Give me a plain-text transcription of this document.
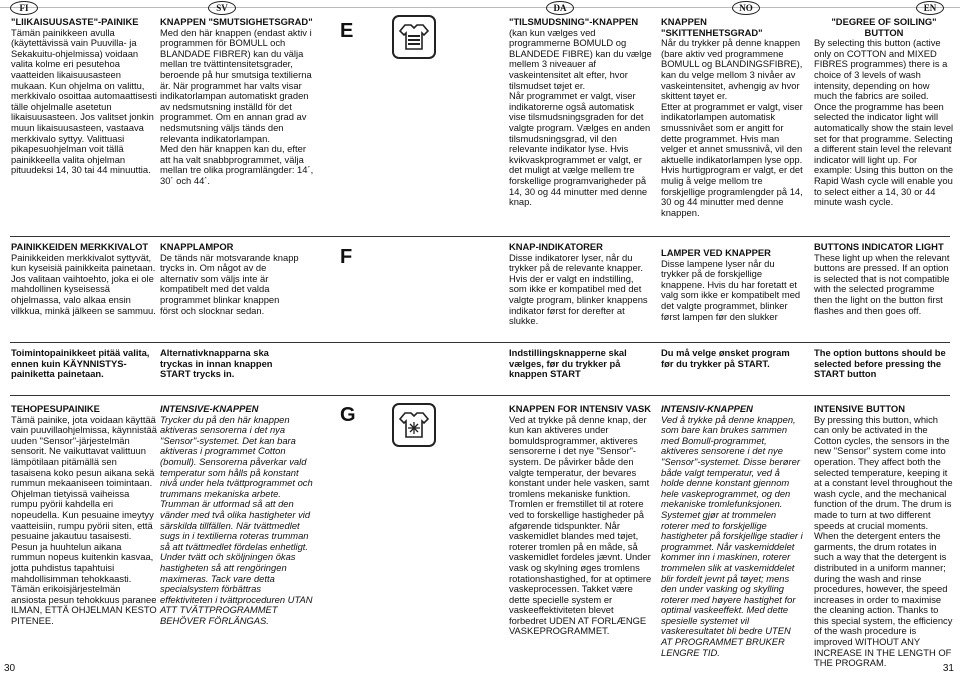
FI	SV	DA	NO	EN
E

"LIIKAISUUSASTE"-PAINIKE

Tämän painikkeen avulla (käytettävissä vain Puuvilla- ja Sekakuitu-ohjelmissa) voidaan valita kolme eri pesutehoa vaatteiden likaisuusasteen mukaan. Kun ohjelma on valittu, merkkivalo osoittaa automaattisesti tälle ohjelmalle asetetun likaisuusasteen. Jos valitset jonkin muun likaisuusasteen, vastaava merkkivalo syttyy. Valittuasi pikapesuohjelman voit tällä painikkeella valita ohjelman pituudeksi 14, 30 tai 44 minuuttia.

KNAPPEN "SMUTSIGHETSGRAD"

Med den här knappen (endast aktiv i programmen för BOMULL och BLANDADE FIBRER) kan du välja mellan tre tvättintensitetsgrader, beroende på hur smutsiga textilierna är. När programmet har valts visar indikatorlampan automatiskt graden av nedsmutsning inställd för det programmet. Om en annan grad av nedsmutsning väljs tänds den relevanta indikatorlampan.

Med den här knappen kan du, efter att ha valt snabbprogrammet, välja mellan tre olika programlängder: 14´, 30´ och 44´.

"TILSMUDSNING"-KNAPPEN

(kan kun vælges ved programmerne BOMULD og BLANDEDE FIBRE) kan du vælge mellem 3 niveauer af vaskeintensitet alt efter, hvor tilsmudset tøjet er.

Når programmet er valgt, viser indikatorerne også automatisk vise tilsmudsningsgraden for det valgte program. Vælges en anden tilsmudsningsgrad, vil den relevante indikator lyse. Hvis kvikvaskprogrammet er valgt, er det muligt at vælge mellem tre forskellige programvarigheder på 14, 30 og 44 minutter med denne knap.

KNAPPEN "SKITTENHETSGRAD"

Når du trykker på denne knappen (bare aktiv ved programmene BOMULL og BLANDINGSFIBRE), kan du velge mellom 3 nivåer av vaskeintensitet, avhengig av hvor skittent tøyet er.

Etter at programmet er valgt, viser indikatorlampen automatisk smussnivået som er angitt for dette programmet. Hvis man velger et annet smussnivå, vil den aktuelle indikatorlampen lyse opp. Hvis hurtigprogram er valgt, er det mulig å velge mellom tre forskjellige programlengder på 14, 30 og 44 minutter med denne knappen.

"DEGREE OF SOILING" BUTTON

By selecting this button (active only on COTTON and MIXED FIBRES programmes) there is a choice of 3 levels of wash intensity, depending on how much the fabrics are soiled.

Once the programme has been selected the indicator light will automatically show the stain level set for that programme. Selecting a different stain level the relevant indicator will light up. For example: Using this button on the Rapid Wash cycle will enable you to select either a 14, 30 or 44 minute wash cycle.

F

PAINIKKEIDEN MERKKIVALOT

Painikkeiden merkkivalot syttyvät, kun kyseisiä painikkeita painetaan. Jos valitaan vaihtoehto, joka ei ole mahdollinen kyseisessä ohjelmassa, valo alkaa ensin vilkkua, minkä jälkeen se sammuu.

KNAPPLAMPOR

De tänds när motsvarande knapp trycks in. Om något av de alternativ som väljs inte är kompatibelt med det valda programmet blinkar knappen först och slocknar sedan.

KNAP-INDIKATORER

Disse indikatorer lyser, når du trykker på de relevante knapper. Hvis der er valgt en indstilling, som ikke er kompatibel med det valgte program, blinker knappens indikator først for derefter at slukke.

LAMPER VED KNAPPER

Disse lampene lyser når du trykker på de forskjellige knappene. Hvis du har foretatt et valg som ikke er kompatibelt med det valgte programmet, blinker først lampen før den slukker

BUTTONS INDICATOR LIGHT

These light up when the relevant buttons are pressed. If an option is selected that is not compatible with the selected programme then the light on the button first flashes and then goes off.

Toimintopainikkeet pitää valita, ennen kuin KÄYNNISTYS- painiketta painetaan.
Alternativknapparna ska tryckas in innan knappen START trycks in.
Indstillingsknapperne skal vælges, før du trykker på knappen START
Du må velge ønsket program før du trykker på START.
The option buttons should be selected before pressing the START button
G

TEHOPESUPAINIKE

Tämä painike, jota voidaan käyttää vain puuvillaohjelmissa, käynnistää uuden "Sensor"-järjestelmän sensorit. Ne vaikuttavat valittuun lämpötilaan pitämällä sen tasaisena koko pesun aikana sekä rummun mekaaniseen toimintaan. Ohjelman tietyissä vaiheissa rumpu pyörii kahdella eri nopeudella. Kun pesuaine imeytyy vaatteisiin, rumpu pyörii siten, että pesuaine jakautuu tasaisesti. Pesun ja huuhtelun aikana rummun nopeus kuitenkin kasvaa, jotta puhdistus tapahtuisi mahdollisimman tehokkaasti. Tämän erikoisjärjestelmän ansiosta pesun tehokkuus paranee ILMAN, ETTÄ OHJELMAN KESTO PITENEE.

INTENSIVE-KNAPPEN

Trycker du på den här knappen aktiveras sensorerna i det nya "Sensor"-systemet. Det kan bara aktiveras i programmet Cotton (bomull). Sensorerna påverkar vald temperatur som hålls på konstant nivå under hela tvättprogrammet och trummans mekaniska arbete. Trumman är utformad så att den vänder med två olika hastigheter vid särskilda tillfällen. När tvättmedlet sugs in i textilierna roteras trumman så att tvättmedlet fördelas enhetligt. Under tvätt och sköljningen ökas hastigheten så att rengöringen maximeras. Tack vare detta specialsystem förbättras effektiviteten i tvättproceduren UTAN ATT TVÄTTPROGRAMMET BEHÖVER FÖRLÄNGAS.

KNAPPEN FOR INTENSIV VASK

Ved at trykke på denne knap, der kun kan aktiveres under bomuldsprogrammer, aktiveres sensorerne i det nye "Sensor"-system. De påvirker både den valgte temperatur, der bevares konstant under hele vasken, samt tromlens mekaniske funktion. Tromlen er fremstillet til at rotere ved to forskellige hastigheder på afgørende tidspunkter. Når vaskemidlet blandes med tøjet, roterer tromlen på en måde, så vaskemidlet fordeles jævnt. Under vask og skylning øges tromlens rotationshastighed, for at optimere vaskeprocessen. Takket være dette specielle system er vaskeeffektiviteten blevet forbedret UDEN AT FORLÆNGE VASKEPROGRAMMET.

INTENSIV-KNAPPEN

Ved å trykke på denne knappen, som bare kan brukes sammen med Bomull-programmet, aktiveres sensorene i det nye "Sensor"-systemet. Disse berører både valgt temperatur, ved å holde denne konstant gjennom hele vaskeprogrammet, og den mekaniske tromlefunksjonen. Systemet gjør at trommelen roterer med to forskjellige hastigheter på forskjellige stadier i programmet. Når vaskemiddelet kommer inn i maskinen, roterer trommelen slik at vaskemiddelet blir fordelt jevnt på tøyet; mens den under vasking og skylling roterer med høyere hastighet for optimal vaskeeffekt. Med dette spesielle systemet vil vaskeresultatet bli bedre UTEN AT PROGRAMMET BRUKER LENGRE TID.

INTENSIVE BUTTON

By pressing this button, which can only be activated in the Cotton cycles, the sensors in the new "Sensor" system come into operation. They affect both the selected temperature, keeping it at a constant level throughout the wash cycle, and the mechanical function of the drum. The drum is made to turn at two different speeds at crucial moments. When the detergent enters the garments, the drum rotates in such a way that the detergent is distributed in a uniform manner; during the wash and rinse procedures, however, the speed increases in order to maximise the cleaning action. Thanks to this special system, the efficiency of the wash procedure is improved WITHOUT ANY INCREASE IN THE LENGTH OF THE PROGRAM.

30	31
